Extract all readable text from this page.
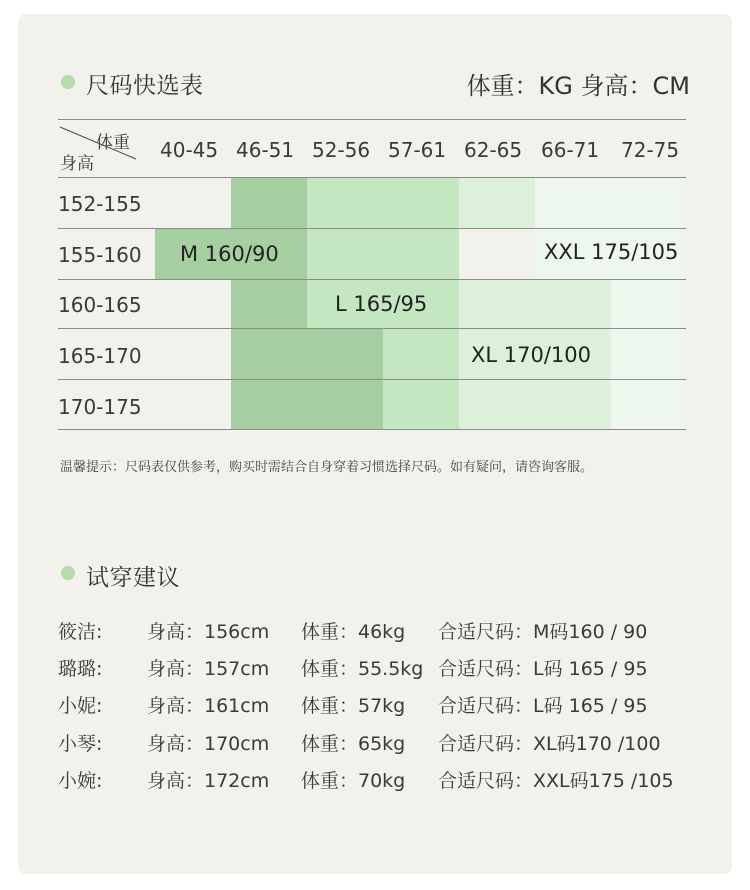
尺码快选表	体重：KG 身高：CM
体重
身高
40-45 46-51 52-56 57-61 62-65 66-71 72-75
152-155
155-160
160-165
165-170
170-175
M 160/90
L 165/95
XL 170/100
XXL 175/105
温馨提示：尺码表仅供参考，购买时需结合自身穿着习惯选择尺码。如有疑问，请咨询客服。
试穿建议
筱洁: 身高：156cm 体重：46kg 合适尺码：M码160 / 90
璐璐: 身高：157cm 体重：55.5kg 合适尺码：L码 165 / 95
小妮: 身高：161cm 体重：57kg 合适尺码：L码 165 / 95
小琴: 身高：170cm 体重：65kg 合适尺码：XL码170 /100
小婉: 身高：172cm 体重：70kg 合适尺码：XXL码175 /105
